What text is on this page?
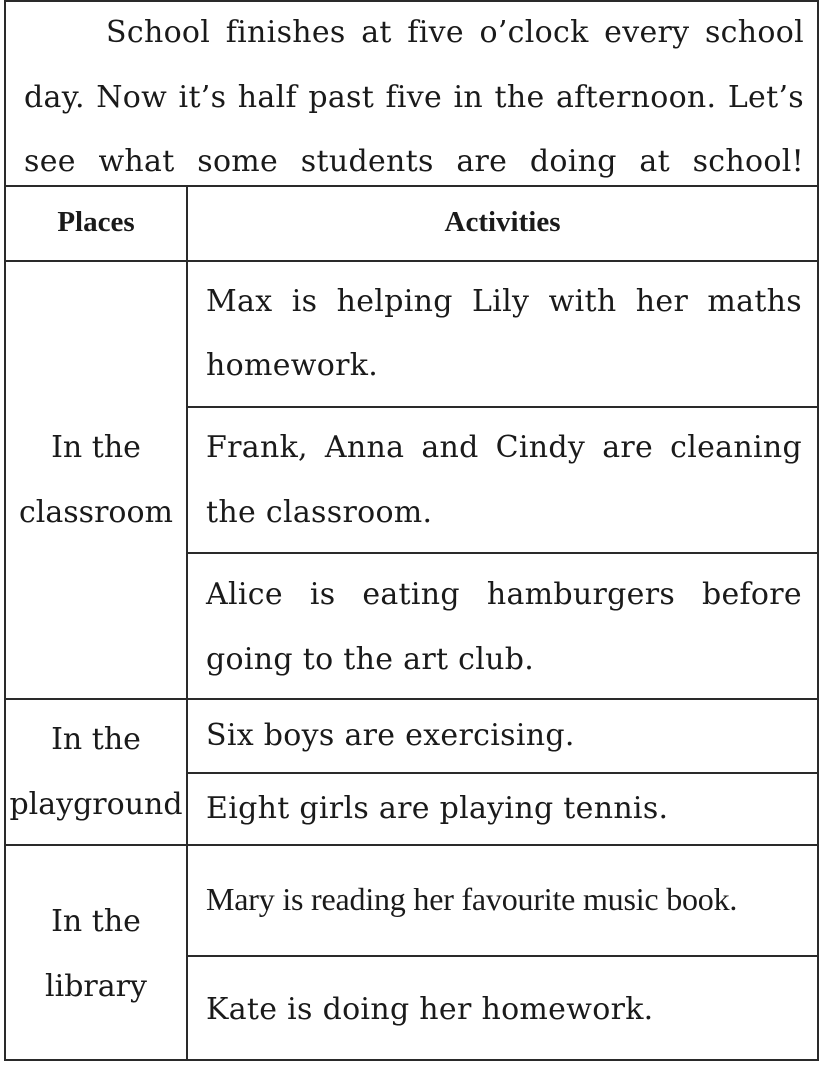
School finishes at five o’clock every school
day. Now it’s half past five in the afternoon. Let’s
see what some students are doing at school!
Places	Activities
In the
classroom
Max is helping Lily with her maths
homework.
Frank, Anna and Cindy are cleaning
the classroom.
Alice is eating hamburgers before
going to the art club.
In the
playground
Six boys are exercising.
Eight girls are playing tennis.
In the
library
Mary is reading her favourite music book.
Kate is doing her homework.
